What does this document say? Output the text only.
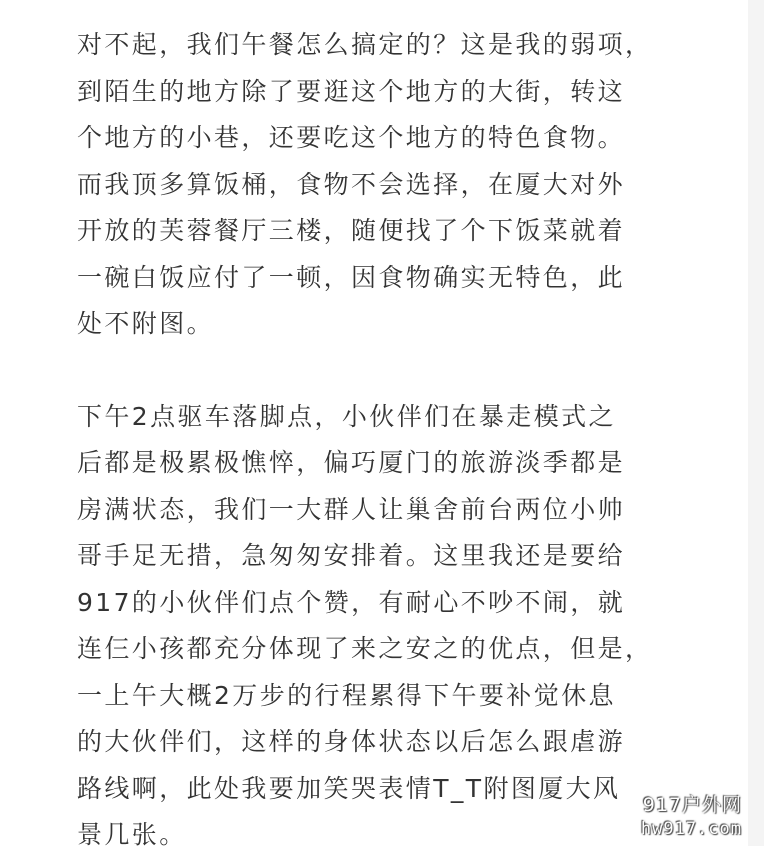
对不起，我们午餐怎么搞定的？这是我的弱项，
到陌生的地方除了要逛这个地方的大街，转这
个地方的小巷，还要吃这个地方的特色食物。
而我顶多算饭桶，食物不会选择，在厦大对外
开放的芙蓉餐厅三楼，随便找了个下饭菜就着
一碗白饭应付了一顿，因食物确实无特色，此
处不附图。

下午2点驱车落脚点，小伙伴们在暴走模式之
后都是极累极憔悴，偏巧厦门的旅游淡季都是
房满状态，我们一大群人让巢舍前台两位小帅
哥手足无措，急匆匆安排着。这里我还是要给
917的小伙伴们点个赞，有耐心不吵不闹，就
连仨小孩都充分体现了来之安之的优点，但是，
一上午大概2万步的行程累得下午要补觉休息
的大伙伴们，这样的身体状态以后怎么跟虐游
路线啊，此处我要加笑哭表情T_T附图厦大风
景几张。

917户外网
hw917.com
